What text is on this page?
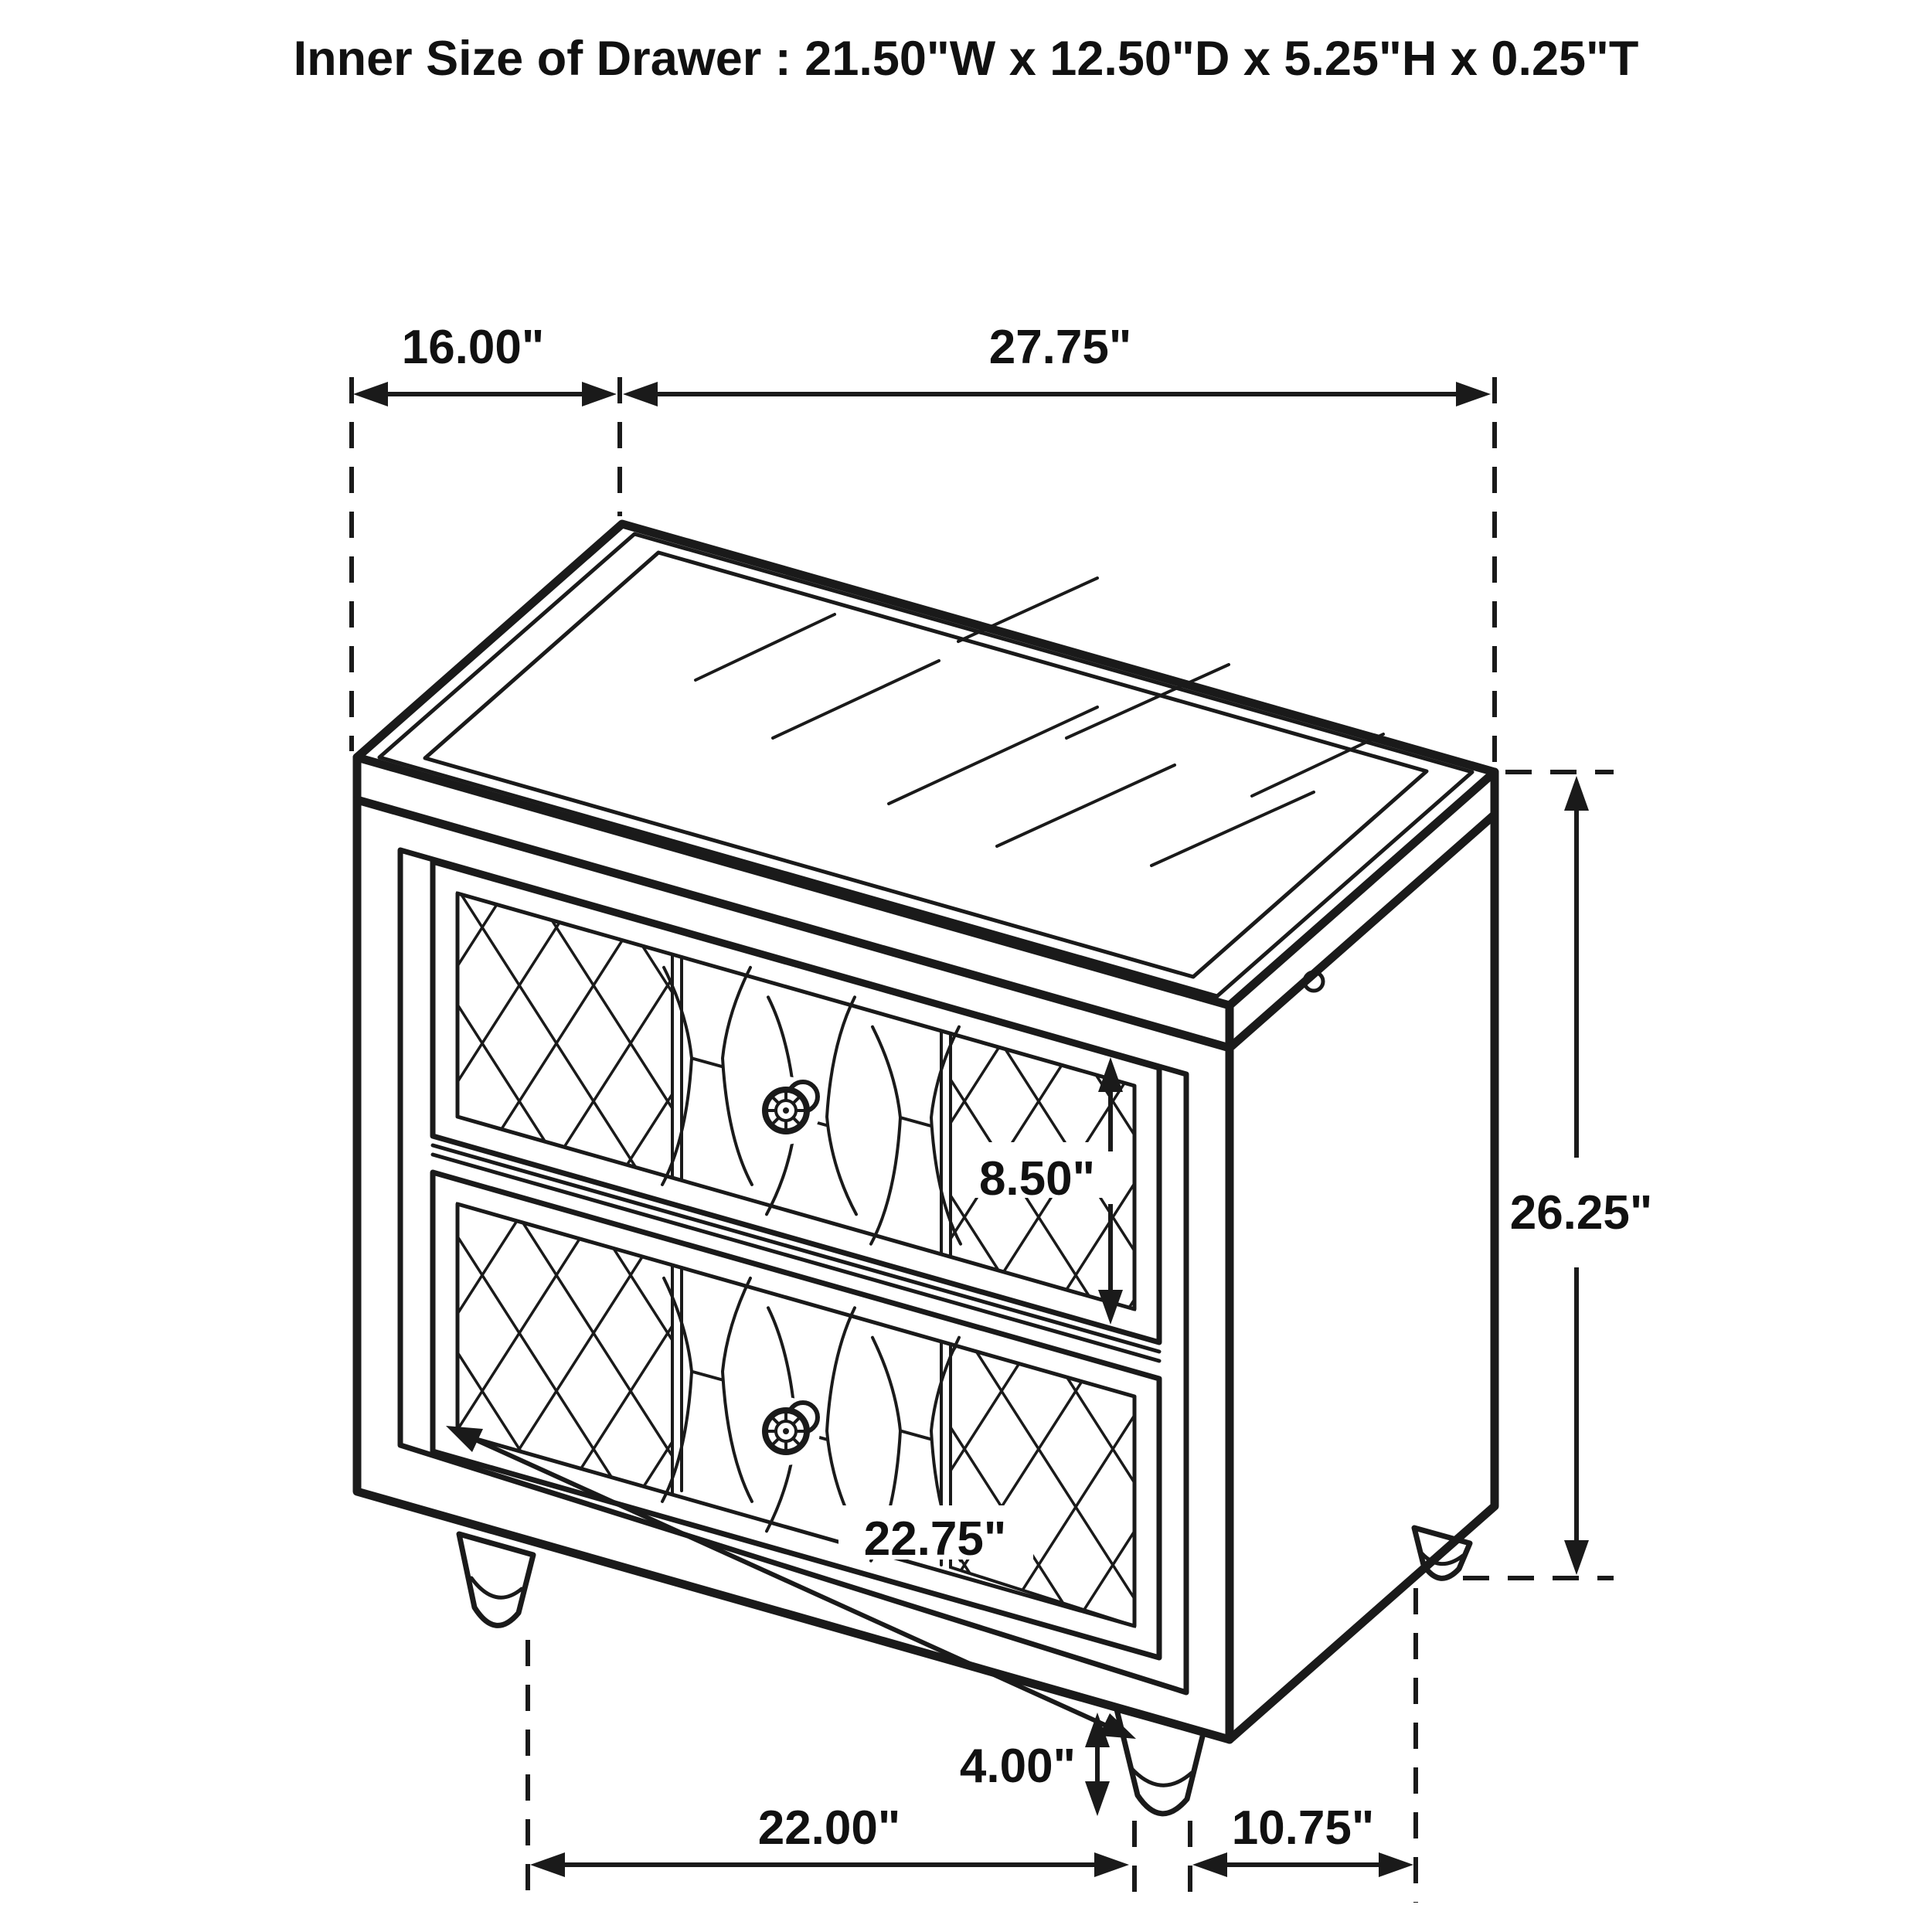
Inner Size of Drawer : 21.50"W x 12.50"D x 5.25"H x 0.25"T
16.00"	27.75"
26.25"
8.50"
22.75"
4.00"
22.00"	10.75"
